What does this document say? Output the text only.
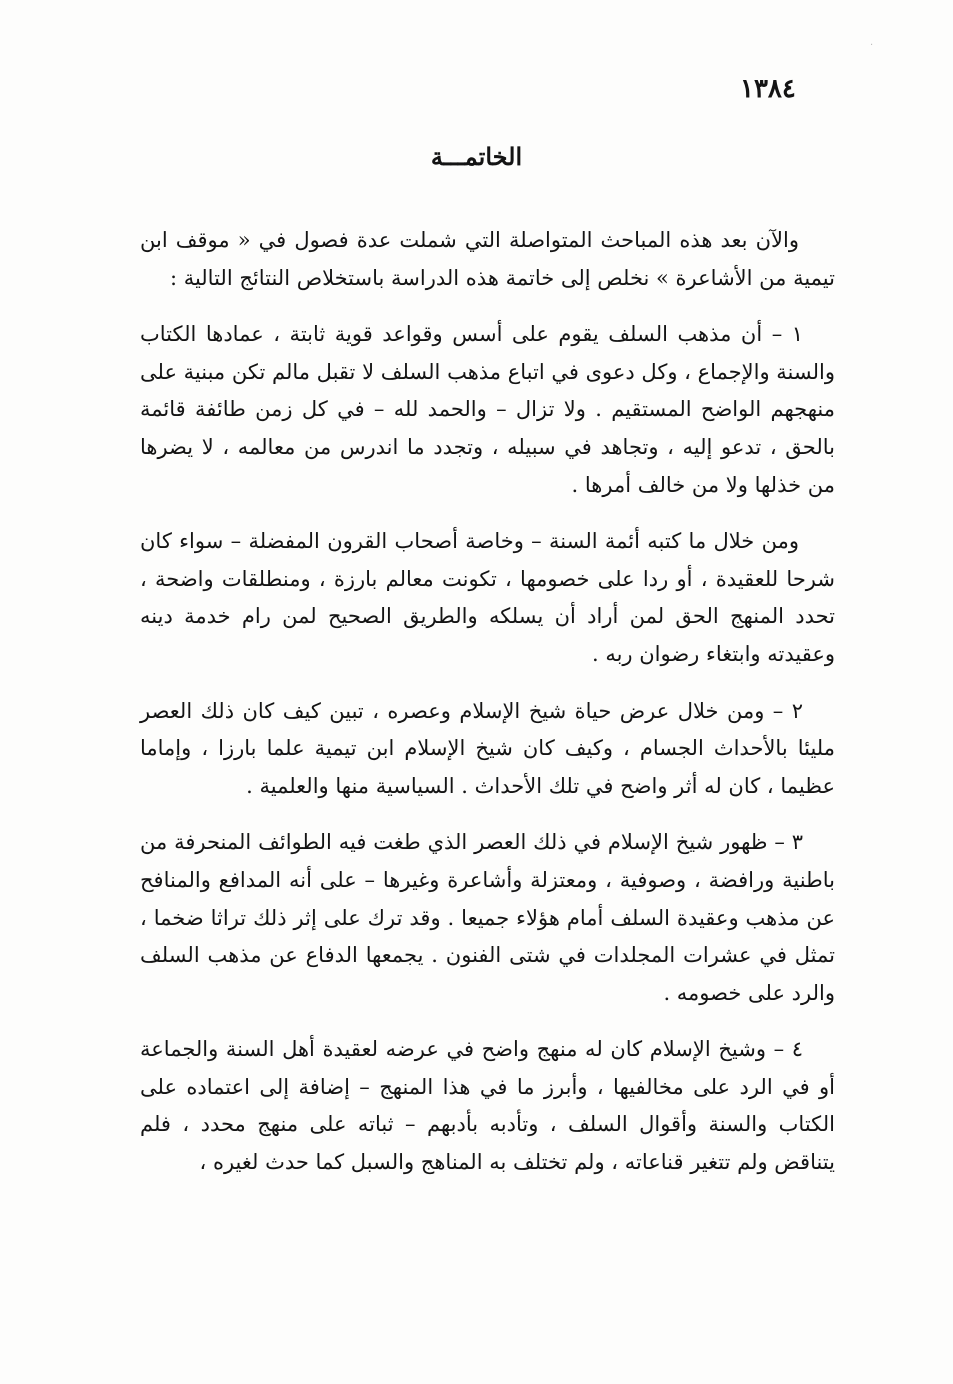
·
١٣٨٤
الخاتمـــة

والآن بعد هذه المباحث المتواصلة التي شملت عدة فصول في « موقف ابن تيمية من الأشاعرة » نخلص إلى خاتمة هذه الدراسة باستخلاص النتائج التالية :

١ – أن مذهب السلف يقوم على أسس وقواعد قوية ثابتة ، عمادها الكتاب والسنة والإجماع ، وكل دعوى في اتباع مذهب السلف لا تقبل مالم تكن مبنية على منهجهم الواضح المستقيم . ولا تزال – والحمد لله – في كل زمن طائفة قائمة بالحق ، تدعو إليه ، وتجاهد في سبيله ، وتجدد ما اندرس من معالمه ، لا يضرها من خذلها ولا من خالف أمرها .

ومن خلال ما كتبه أئمة السنة – وخاصة أصحاب القرون المفضلة – سواء كان شرحا للعقيدة ، أو ردا على خصومها ، تكونت معالم بارزة ، ومنطلقات واضحة ، تحدد المنهج الحق لمن أراد أن يسلكه والطريق الصحيح لمن رام خدمة دينه وعقيدته وابتغاء رضوان ربه .

٢ – ومن خلال عرض حياة شيخ الإسلام وعصره ، تبين كيف كان ذلك العصر مليئا بالأحداث الجسام ، وكيف كان شيخ الإسلام ابن تيمية علما بارزا ، وإماما عظيما ، كان له أثر واضح في تلك الأحداث . السياسية منها والعلمية .

٣ – ظهور شيخ الإسلام في ذلك العصر الذي طغت فيه الطوائف المنحرفة من باطنية ورافضة ، وصوفية ، ومعتزلة وأشاعرة وغيرها – على أنه المدافع والمنافح عن مذهب وعقيدة السلف أمام هؤلاء جميعا . وقد ترك على إثر ذلك تراثا ضخما ، تمثل في عشرات المجلدات في شتى الفنون . يجمعها الدفاع عن مذهب السلف والرد على خصومه .

٤ – وشيخ الإسلام كان له منهج واضح في عرضه لعقيدة أهل السنة والجماعة أو في الرد على مخالفيها ، وأبرز ما في هذا المنهج – إضافة إلى اعتماده على الكتاب والسنة وأقوال السلف ، وتأدبه بأدبهم – ثباته على منهج محدد ، فلم يتناقض ولم تتغير قناعاته ، ولم تختلف به المناهج والسبل كما حدث لغيره ،
